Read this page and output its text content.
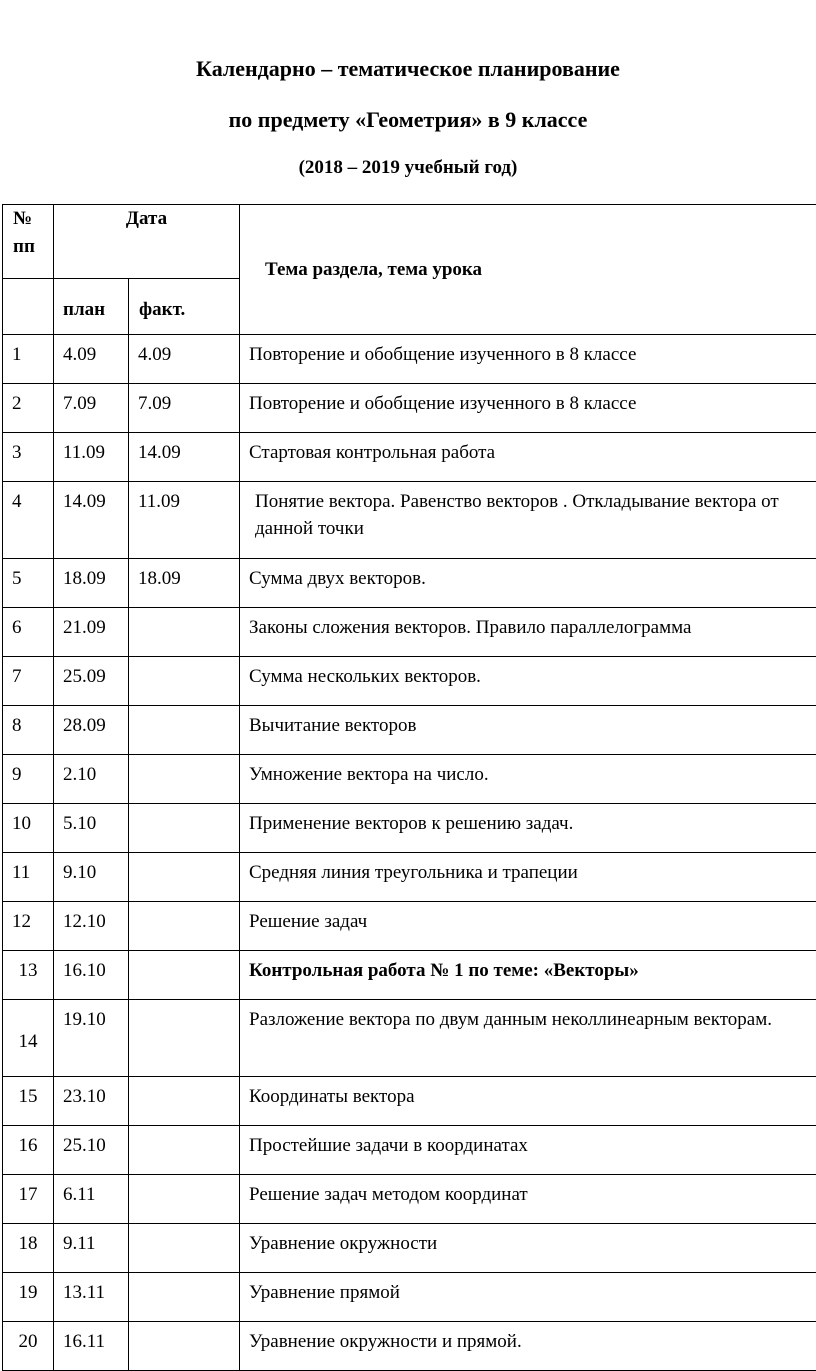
Календарно – тематическое планирование
по предмету «Геометрия» в 9 классе
(2018 – 2019 учебный год)
№ пп	Дата		Тема раздела, тема урока
	план	факт.	
1	4.09	4.09	Повторение и обобщение изученного в 8 классе
2	7.09	7.09	Повторение и обобщение изученного в 8 классе
3	11.09	14.09	Стартовая контрольная работа
4	14.09	11.09	Понятие вектора. Равенство векторов . Откладывание вектора от данной точки
5	18.09	18.09	Сумма двух векторов.
6	21.09		Законы сложения векторов. Правило параллелограмма
7	25.09		Сумма нескольких векторов.
8	28.09		Вычитание векторов
9	2.10		Умножение вектора на число.
10	5.10		Применение векторов к решению задач.
11	9.10		Средняя линия треугольника и трапеции
12	12.10		Решение задач
13	16.10		Контрольная работа № 1 по теме: «Векторы»
14	19.10		Разложение вектора по двум данным неколлинеарным векторам.
15	23.10		Координаты вектора
16	25.10		Простейшие задачи в координатах
17	6.11		Решение задач методом координат
18	9.11		Уравнение окружности
19	13.11		Уравнение прямой
20	16.11		Уравнение окружности и прямой.
